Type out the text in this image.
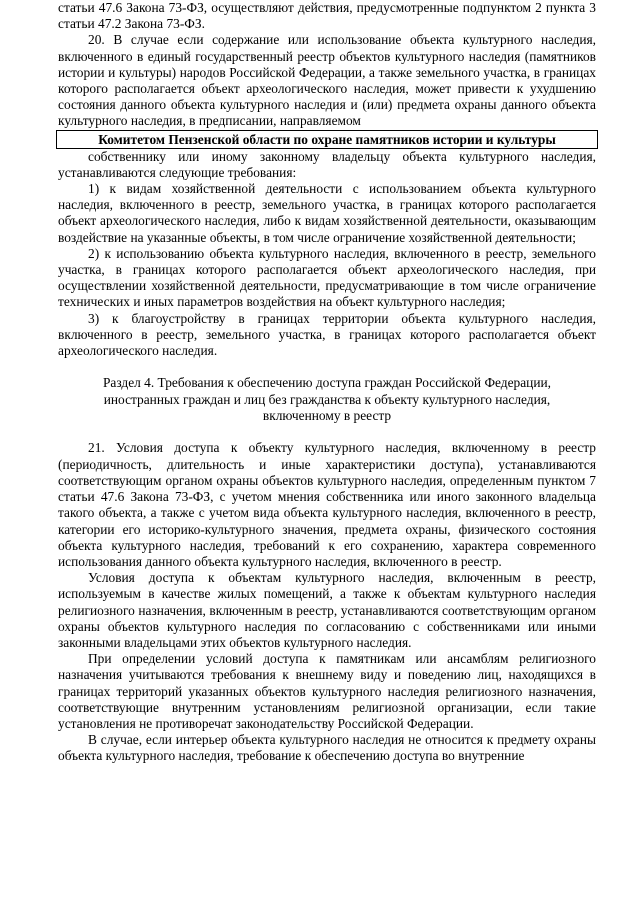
статьи 47.6 Закона 73-ФЗ, осуществляют действия, предусмотренные подпунктом 2 пункта 3 статьи 47.2 Закона 73-ФЗ.

20. В случае если содержание или использование объекта культурного наследия, включенного в единый государственный реестр объектов культурного наследия (памятников истории и культуры) народов Российской Федерации, а также земельного участка, в границах которого располагается объект археологического наследия, может привести к ухудшению состояния данного объекта культурного наследия и (или) предмета охраны данного объекта культурного наследия, в предписании, направляемом

Комитетом Пензенской области по охране памятников истории и культуры

собственнику или иному законному владельцу объекта культурного наследия, устанавливаются следующие требования:

1) к видам хозяйственной деятельности с использованием объекта культурного наследия, включенного в реестр, земельного участка, в границах которого располагается объект археологического наследия, либо к видам хозяйственной деятельности, оказывающим воздействие на указанные объекты, в том числе ограничение хозяйственной деятельности;

2) к использованию объекта культурного наследия, включенного в реестр, земельного участка, в границах которого располагается объект археологического наследия, при осуществлении хозяйственной деятельности, предусматривающие в том числе ограничение технических и иных параметров воздействия на объект культурного наследия;

3) к благоустройству в границах территории объекта культурного наследия, включенного в реестр, земельного участка, в границах которого располагается объект археологического наследия.

Раздел 4. Требования к обеспечению доступа граждан Российской Федерации,

иностранных граждан и лиц без гражданства к объекту культурного наследия,

включенному в реестр

21. Условия доступа к объекту культурного наследия, включенному в реестр (периодичность, длительность и иные характеристики доступа), устанавливаются соответствующим органом охраны объектов культурного наследия, определенным пунктом 7 статьи 47.6 Закона 73-ФЗ, с учетом мнения собственника или иного законного владельца такого объекта, а также с учетом вида объекта культурного наследия, включенного в реестр, категории его историко-культурного значения, предмета охраны, физического состояния объекта культурного наследия, требований к его сохранению, характера современного использования данного объекта культурного наследия, включенного в реестр.

Условия доступа к объектам культурного наследия, включенным в реестр, используемым в качестве жилых помещений, а также к объектам культурного наследия религиозного назначения, включенным в реестр, устанавливаются соответствующим органом охраны объектов культурного наследия по согласованию с собственниками или иными законными владельцами этих объектов культурного наследия.

При определении условий доступа к памятникам или ансамблям религиозного назначения учитываются требования к внешнему виду и поведению лиц, находящихся в границах территорий указанных объектов культурного наследия религиозного назначения, соответствующие внутренним установлениям религиозной организации, если такие установления не противоречат законодательству Российской Федерации.

В случае, если интерьер объекта культурного наследия не относится к предмету охраны объекта культурного наследия, требование к обеспечению доступа во внутренние
